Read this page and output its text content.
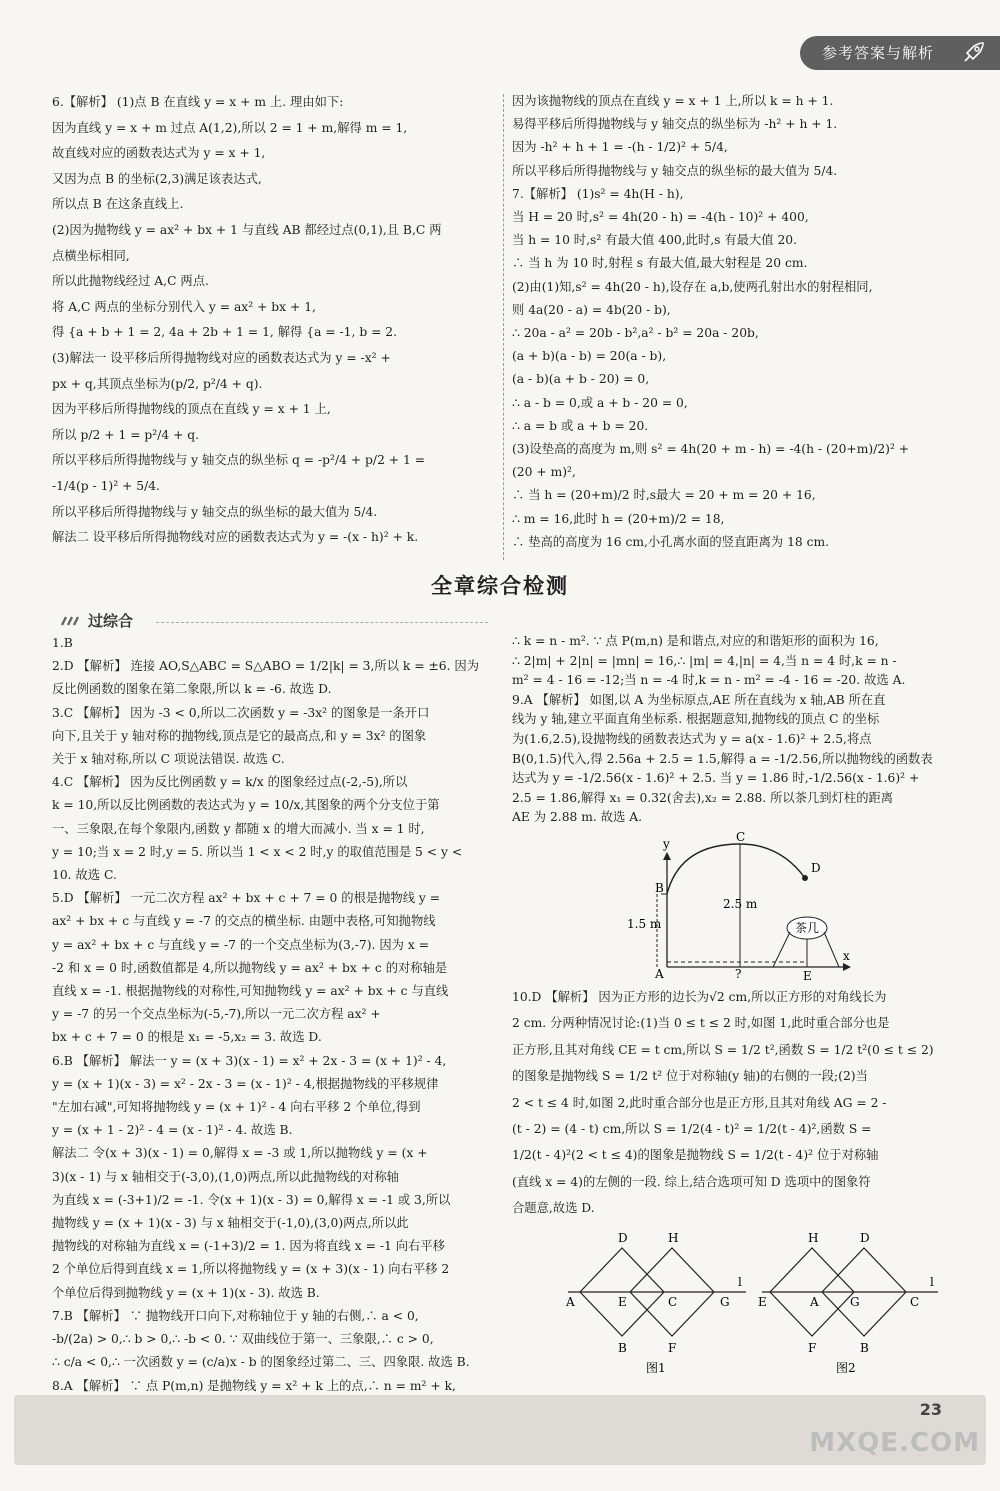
参考答案与解析

6.【解析】 (1)点 B 在直线 y = x + m 上. 理由如下:

因为直线 y = x + m 过点 A(1,2),所以 2 = 1 + m,解得 m = 1,

故直线对应的函数表达式为 y = x + 1,

又因为点 B 的坐标(2,3)满足该表达式,

所以点 B 在这条直线上.

(2)因为抛物线 y = ax² + bx + 1 与直线 AB 都经过点(0,1),且 B,C 两

点横坐标相同,

所以此抛物线经过 A,C 两点.

将 A,C 两点的坐标分别代入 y = ax² + bx + 1,

得 {a + b + 1 = 2, 4a + 2b + 1 = 1, 解得 {a = -1, b = 2.

(3)解法一 设平移后所得抛物线对应的函数表达式为 y = -x² +

px + q,其顶点坐标为(p/2, p²/4 + q).

因为平移后所得抛物线的顶点在直线 y = x + 1 上,

所以 p/2 + 1 = p²/4 + q.

所以平移后所得抛物线与 y 轴交点的纵坐标 q = -p²/4 + p/2 + 1 =

-1/4(p - 1)² + 5/4.

所以平移后所得抛物线与 y 轴交点的纵坐标的最大值为 5/4.

解法二 设平移后所得抛物线对应的函数表达式为 y = -(x - h)² + k.

因为该抛物线的顶点在直线 y = x + 1 上,所以 k = h + 1.

易得平移后所得抛物线与 y 轴交点的纵坐标为 -h² + h + 1.

因为 -h² + h + 1 = -(h - 1/2)² + 5/4,

所以平移后所得抛物线与 y 轴交点的纵坐标的最大值为 5/4.

7.【解析】 (1)s² = 4h(H - h),

当 H = 20 时,s² = 4h(20 - h) = -4(h - 10)² + 400,

当 h = 10 时,s² 有最大值 400,此时,s 有最大值 20.

∴ 当 h 为 10 时,射程 s 有最大值,最大射程是 20 cm.

(2)由(1)知,s² = 4h(20 - h),设存在 a,b,使两孔射出水的射程相同,

则 4a(20 - a) = 4b(20 - b),

∴ 20a - a² = 20b - b²,a² - b² = 20a - 20b,

(a + b)(a - b) = 20(a - b),

(a - b)(a + b - 20) = 0,

∴ a - b = 0,或 a + b - 20 = 0,

∴ a = b 或 a + b = 20.

(3)设垫高的高度为 m,则 s² = 4h(20 + m - h) = -4(h - (20+m)/2)² +

(20 + m)²,

∴ 当 h = (20+m)/2 时,s最大 = 20 + m = 20 + 16,

∴ m = 16,此时 h = (20+m)/2 = 18,

∴ 垫高的高度为 16 cm,小孔离水面的竖直距离为 18 cm.

全章综合检测
过综合

1.B

2.D 【解析】 连接 AO,S△ABC = S△ABO = 1/2|k| = 3,所以 k = ±6. 因为

反比例函数的图象在第二象限,所以 k = -6. 故选 D.

3.C 【解析】 因为 -3 < 0,所以二次函数 y = -3x² 的图象是一条开口

向下,且关于 y 轴对称的抛物线,顶点是它的最高点,和 y = 3x² 的图象

关于 x 轴对称,所以 C 项说法错误. 故选 C.

4.C 【解析】 因为反比例函数 y = k/x 的图象经过点(-2,-5),所以

k = 10,所以反比例函数的表达式为 y = 10/x,其图象的两个分支位于第

一、三象限,在每个象限内,函数 y 都随 x 的增大而减小. 当 x = 1 时,

y = 10;当 x = 2 时,y = 5. 所以当 1 < x < 2 时,y 的取值范围是 5 < y <

10. 故选 C.

5.D 【解析】 一元二次方程 ax² + bx + c + 7 = 0 的根是抛物线 y =

ax² + bx + c 与直线 y = -7 的交点的横坐标. 由题中表格,可知抛物线

y = ax² + bx + c 与直线 y = -7 的一个交点坐标为(3,-7). 因为 x =

-2 和 x = 0 时,函数值都是 4,所以抛物线 y = ax² + bx + c 的对称轴是

直线 x = -1. 根据抛物线的对称性,可知抛物线 y = ax² + bx + c 与直线

y = -7 的另一个交点坐标为(-5,-7),所以一元二次方程 ax² +

bx + c + 7 = 0 的根是 x₁ = -5,x₂ = 3. 故选 D.

6.B 【解析】 解法一 y = (x + 3)(x - 1) = x² + 2x - 3 = (x + 1)² - 4,

y = (x + 1)(x - 3) = x² - 2x - 3 = (x - 1)² - 4,根据抛物线的平移规律

"左加右减",可知将抛物线 y = (x + 1)² - 4 向右平移 2 个单位,得到

y = (x + 1 - 2)² - 4 = (x - 1)² - 4. 故选 B.

解法二 令(x + 3)(x - 1) = 0,解得 x = -3 或 1,所以抛物线 y = (x +

3)(x - 1) 与 x 轴相交于(-3,0),(1,0)两点,所以此抛物线的对称轴

为直线 x = (-3+1)/2 = -1. 令(x + 1)(x - 3) = 0,解得 x = -1 或 3,所以

抛物线 y = (x + 1)(x - 3) 与 x 轴相交于(-1,0),(3,0)两点,所以此

抛物线的对称轴为直线 x = (-1+3)/2 = 1. 因为将直线 x = -1 向右平移

2 个单位后得到直线 x = 1,所以将抛物线 y = (x + 3)(x - 1) 向右平移 2

个单位后得到抛物线 y = (x + 1)(x - 3). 故选 B.

7.B 【解析】 ∵ 抛物线开口向下,对称轴位于 y 轴的右侧,∴ a < 0,

-b/(2a) > 0,∴ b > 0,∴ -b < 0. ∵ 双曲线位于第一、三象限,∴ c > 0,

∴ c/a < 0,∴ 一次函数 y = (c/a)x - b 的图象经过第二、三、四象限. 故选 B.

8.A 【解析】 ∵ 点 P(m,n) 是抛物线 y = x² + k 上的点,∴ n = m² + k,

∴ k = n - m². ∵ 点 P(m,n) 是和谐点,对应的和谐矩形的面积为 16,

∴ 2|m| + 2|n| = |mn| = 16,∴ |m| = 4,|n| = 4,当 n = 4 时,k = n -

m² = 4 - 16 = -12;当 n = -4 时,k = n - m² = -4 - 16 = -20. 故选 A.

9.A 【解析】 如图,以 A 为坐标原点,AE 所在直线为 x 轴,AB 所在直

线为 y 轴,建立平面直角坐标系. 根据题意知,抛物线的顶点 C 的坐标

为(1.6,2.5),设抛物线的函数表达式为 y = a(x - 1.6)² + 2.5,将点

B(0,1.5)代入,得 2.56a + 2.5 = 1.5,解得 a = -1/2.56,所以抛物线的函数表

达式为 y = -1/2.56(x - 1.6)² + 2.5. 当 y = 1.86 时,-1/2.56(x - 1.6)² +

2.5 = 1.86,解得 x₁ = 0.32(舍去),x₂ = 2.88. 所以茶几到灯柱的距离

AE 为 2.88 m. 故选 A.

y
x
C
D
B
A	E
1.5 m
2.5 m
?
茶几

10.D 【解析】 因为正方形的边长为√2 cm,所以正方形的对角线长为

2 cm. 分两种情况讨论:(1)当 0 ≤ t ≤ 2 时,如图 1,此时重合部分也是

正方形,且其对角线 CE = t cm,所以 S = 1/2 t²,函数 S = 1/2 t²(0 ≤ t ≤ 2)

的图象是抛物线 S = 1/2 t² 位于对称轴(y 轴)的右侧的一段;(2)当

2 < t ≤ 4 时,如图 2,此时重合部分也是正方形,且其对角线 AG = 2 -

(t - 2) = (4 - t) cm,所以 S = 1/2(4 - t)² = 1/2(t - 4)²,函数 S =

1/2(t - 4)²(2 < t ≤ 4)的图象是抛物线 S = 1/2(t - 4)² 位于对称轴

(直线 x = 4)的左侧的一段. 综上,结合选项可知 D 选项中的图象符

合题意,故选 D.

D	H
A	E	C	G
B	F
l
图1
H	D
E	A	G	C
F	B
l
图2
23
MXQE.COM
